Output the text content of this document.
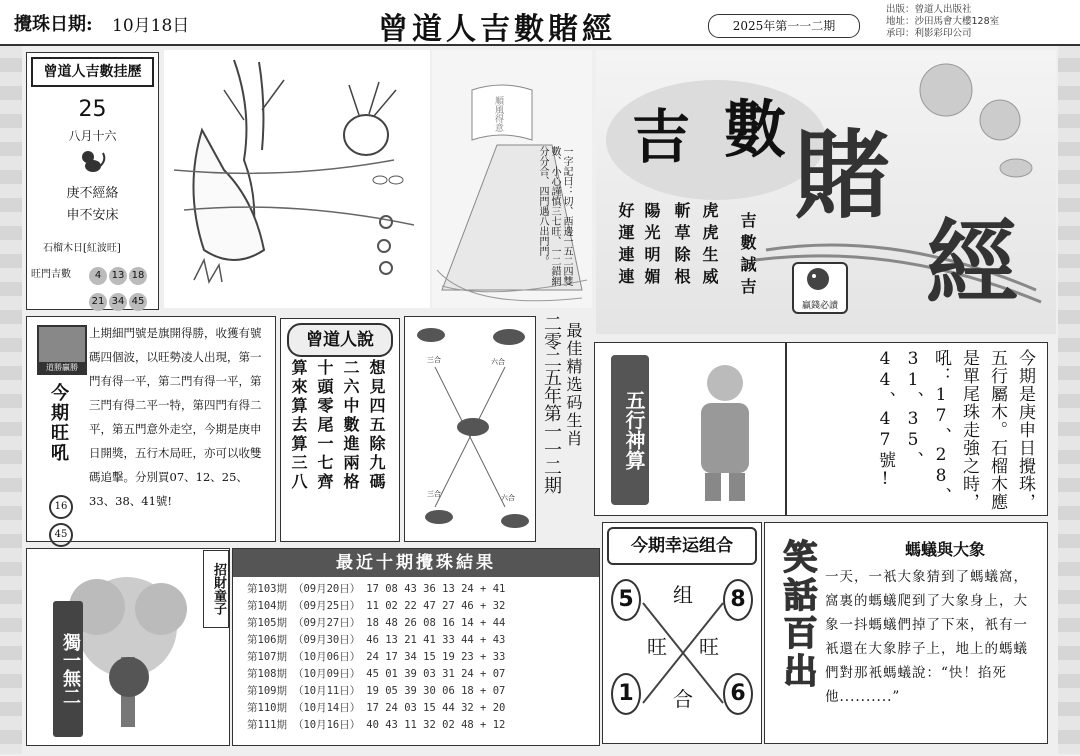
攪珠日期: 10月18日	曾道人吉數賭經	2025年第一一二期
出版：曾道人出版社
地址：沙田馬會大樓128室
承印：利影彩印公司
曾道人吉數挂歷
25
八月十六
庚不經絡
申不安床
石榴木日[紅波旺]
旺門吉數	4 13 18
21 34 45
順風得意
一字記曰：切、西邊一五二四雙數、小心謹慎三七旺、一二錯網分分合、四門遇八出門門。
吉 數 賭
經
好運連連 陽光明媚 斬草除根 虎虎生威 吉數誠吉
贏錢必讀
道勝贏勝
今期旺吼
16
45
上期細門號是旗開得勝，收獲有號碼四個波，以旺勢凌人出現，第一門有得一平，第二門有得一平，第三門有得二平一特，第四門有得二平，第五門意外走空，今期是庚申日開獎，五行木局旺，亦可以收雙碼追擊。分別買07、12、25、33、38、41號!
曾道人說
想見四五除九碼
二六中數進兩格
十頭零尾一七齊
算來算去算三八	三合	六合
三合	六合
最佳精选码生肖
二零二五年第一一二期	五行神算	今期是庚申日攪珠，五行屬木。石榴木應是單尾珠走強之時，吼：17、28、31、35、44、47號!
獨一無二
招財童子	最近十期攪珠結果
第103期	（09月20日）	17 08 43 36 13 24 + 41
第104期	（09月25日）	11 02 22 47 27 46 + 32
第105期	（09月27日）	18 48 26 08 16 14 + 44
第106期	（09月30日）	46 13 21 41 33 44 + 43
第107期	（10月06日）	24 17 34 15 19 23 + 33
第108期	（10月09日）	45 01 39 03 31 24 + 07
第109期	（10月11日）	19 05 39 30 06 18 + 07
第110期	（10月14日）	17 24 03 15 44 32 + 20
第111期	（10月16日）	40 43 11 32 02 48 + 12
今期幸运组合
5	8
1	6
组
旺 旺
合
笑話百出	螞蟻與大象
一天，一衹大象猜到了螞蟻窩，窩裏的螞蟻爬到了大象身上，大象一抖螞蟻們掉了下來，衹有一衹還在大象脖子上，地上的螞蟻們對那衹螞蟻說：“快！掐死他..........”
